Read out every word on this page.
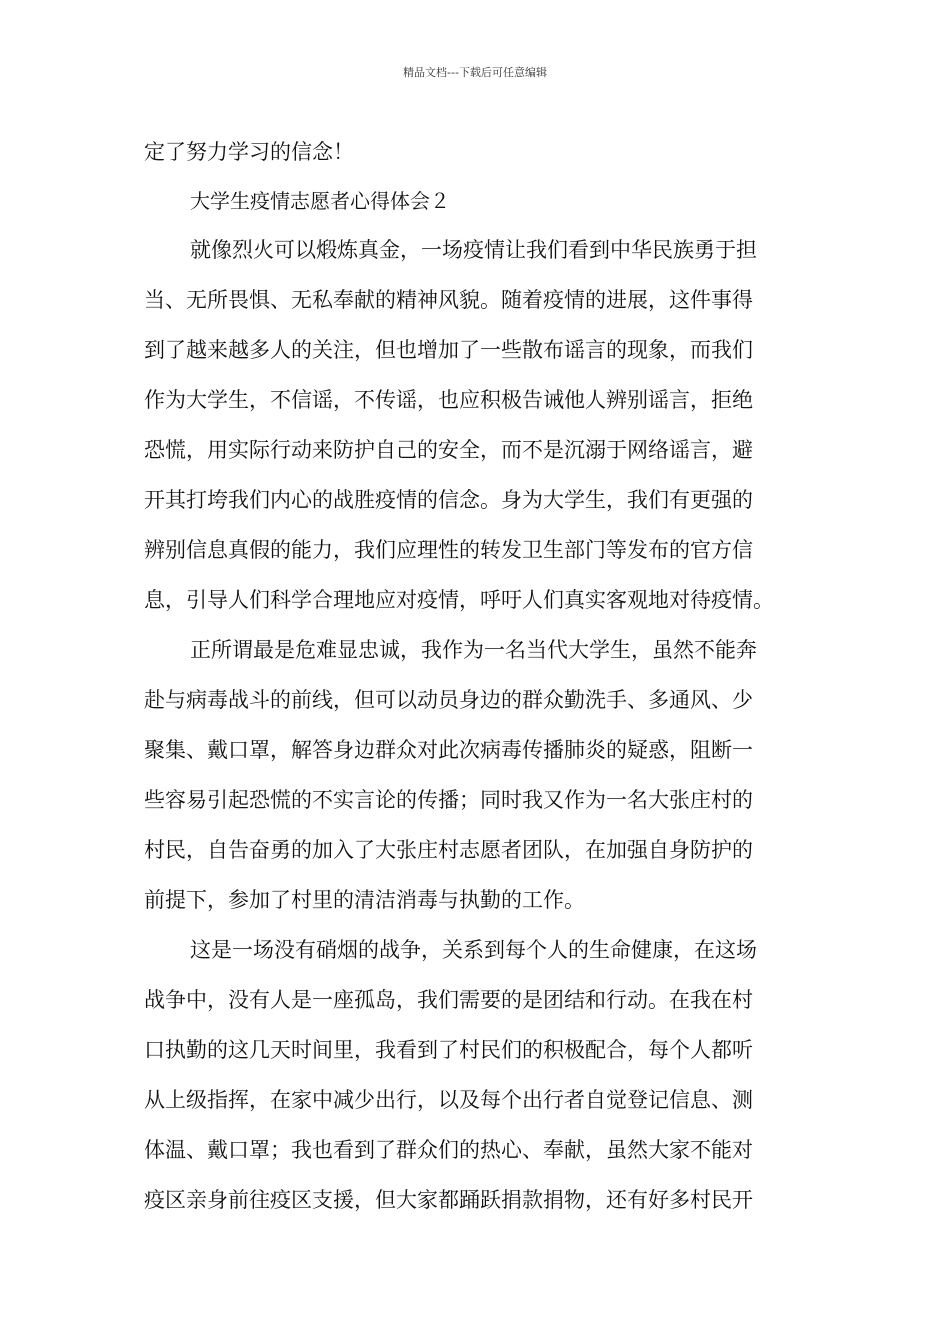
精品文档---下载后可任意编辑
定了努力学习的信念！
大学生疫情志愿者心得体会２
就像烈火可以煅炼真金，一场疫情让我们看到中华民族勇于担
当、无所畏惧、无私奉献的精神风貌。随着疫情的进展，这件事得
到了越来越多人的关注，但也增加了一些散布谣言的现象，而我们
作为大学生，不信谣，不传谣，也应积极告诫他人辨别谣言，拒绝
恐慌，用实际行动来防护自己的安全，而不是沉溺于网络谣言，避
开其打垮我们内心的战胜疫情的信念。身为大学生，我们有更强的
辨别信息真假的能力，我们应理性的转发卫生部门等发布的官方信
息，引导人们科学合理地应对疫情，呼吁人们真实客观地对待疫情。
正所谓最是危难显忠诚，我作为一名当代大学生，虽然不能奔
赴与病毒战斗的前线，但可以动员身边的群众勤洗手、多通风、少
聚集、戴口罩，解答身边群众对此次病毒传播肺炎的疑惑，阻断一
些容易引起恐慌的不实言论的传播；同时我又作为一名大张庄村的
村民，自告奋勇的加入了大张庄村志愿者团队，在加强自身防护的
前提下，参加了村里的清洁消毒与执勤的工作。
这是一场没有硝烟的战争，关系到每个人的生命健康，在这场
战争中，没有人是一座孤岛，我们需要的是团结和行动。在我在村
口执勤的这几天时间里，我看到了村民们的积极配合，每个人都听
从上级指挥，在家中减少出行，以及每个出行者自觉登记信息、测
体温、戴口罩；我也看到了群众们的热心、奉献，虽然大家不能对
疫区亲身前往疫区支援，但大家都踊跃捐款捐物，还有好多村民开
